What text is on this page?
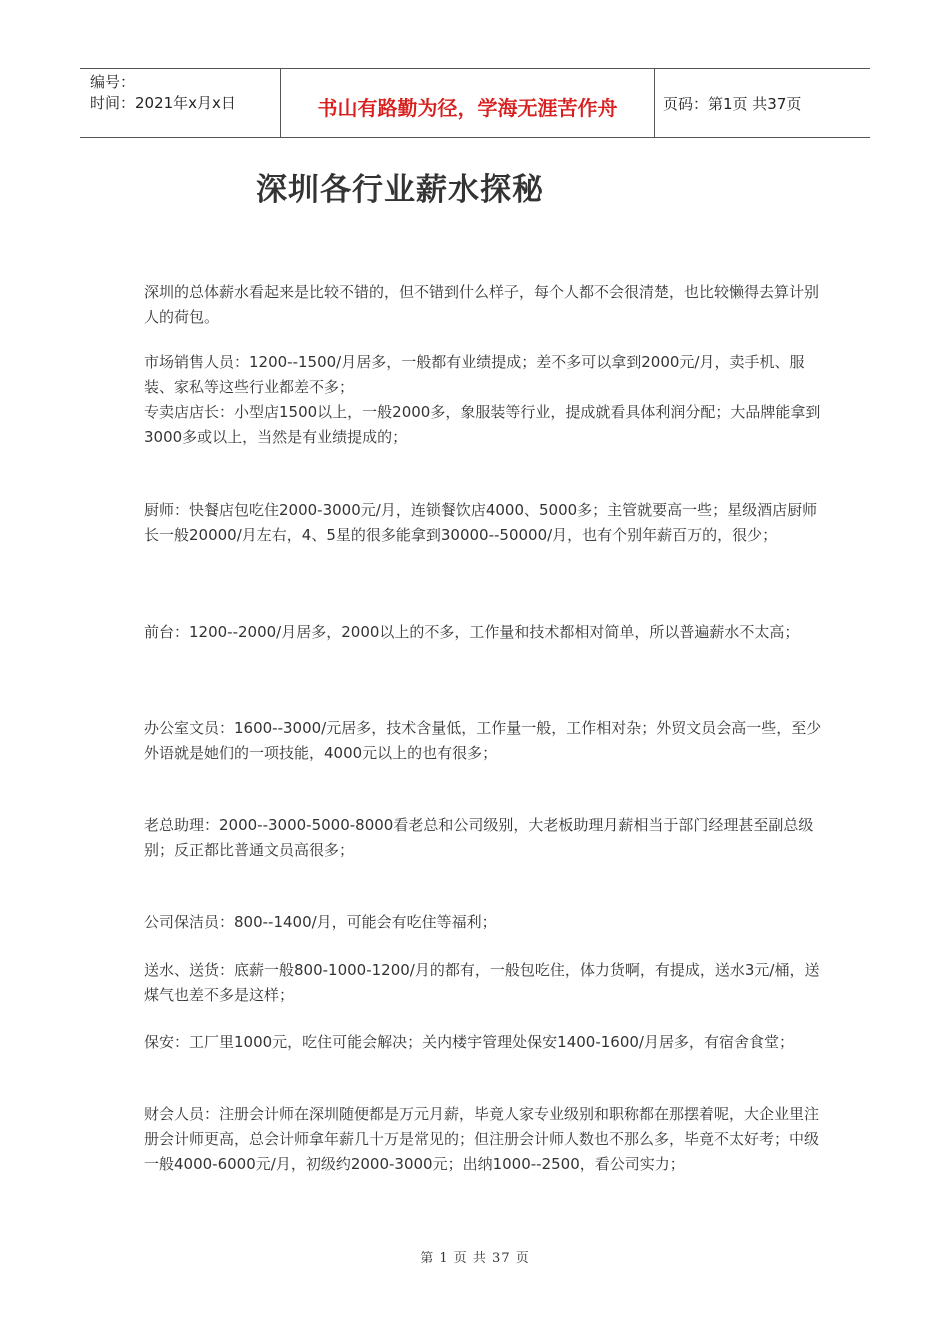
编号：
时间：2021年x月x日	书山有路勤为径，学海无涯苦作舟	页码：第1页 共37页
深圳各行业薪水探秘
深圳的总体薪水看起来是比较不错的，但不错到什么样子，每个人都不会很清楚，也比较懒得去算计别人的荷包。
市场销售人员：1200--1500/月居多，一般都有业绩提成；差不多可以拿到2000元/月，卖手机、服装、家私等这些行业都差不多；
专卖店店长：小型店1500以上，一般2000多，象服装等行业，提成就看具体利润分配；大品牌能拿到3000多或以上，当然是有业绩提成的；
厨师：快餐店包吃住2000-3000元/月，连锁餐饮店4000、5000多；主管就要高一些；星级酒店厨师长一般20000/月左右，4、5星的很多能拿到30000--50000/月，也有个别年薪百万的，很少；
前台：1200--2000/月居多，2000以上的不多，工作量和技术都相对简单，所以普遍薪水不太高；
办公室文员：1600--3000/元居多，技术含量低，工作量一般，工作相对杂；外贸文员会高一些，至少外语就是她们的一项技能，4000元以上的也有很多；
老总助理：2000--3000-5000-8000看老总和公司级别，大老板助理月薪相当于部门经理甚至副总级别；反正都比普通文员高很多；
公司保洁员：800--1400/月，可能会有吃住等福利；
送水、送货：底薪一般800-1000-1200/月的都有，一般包吃住，体力货啊，有提成，送水3元/桶，送煤气也差不多是这样；
保安：工厂里1000元，吃住可能会解决；关内楼宇管理处保安1400-1600/月居多，有宿舍食堂；
财会人员：注册会计师在深圳随便都是万元月薪，毕竟人家专业级别和职称都在那摆着呢，大企业里注册会计师更高，总会计师拿年薪几十万是常见的；但注册会计师人数也不那么多，毕竟不太好考；中级一般4000-6000元/月，初级约2000-3000元；出纳1000--2500，看公司实力；
第 1 页 共 37 页
